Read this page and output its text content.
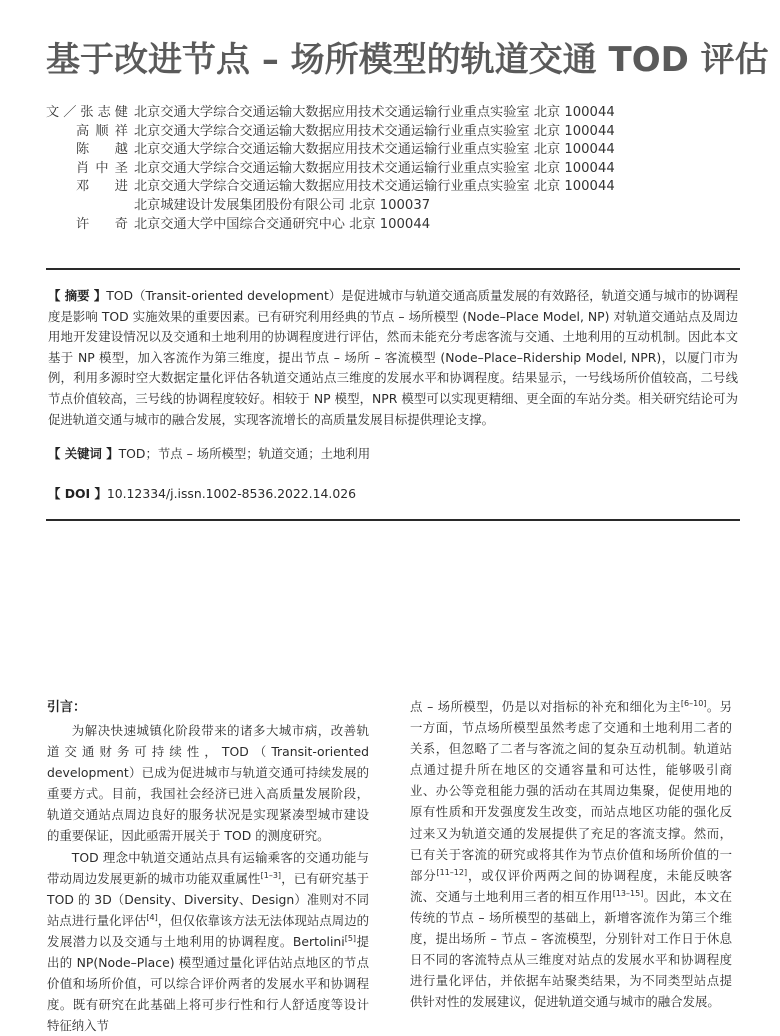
基于改进节点 – 场所模型的轨道交通 TOD 评估
文／张志健 北京交通大学综合交通运输大数据应用技术交通运输行业重点实验室 北京 100044
高顺祥 北京交通大学综合交通运输大数据应用技术交通运输行业重点实验室 北京 100044
陈　越 北京交通大学综合交通运输大数据应用技术交通运输行业重点实验室 北京 100044
肖中圣 北京交通大学综合交通运输大数据应用技术交通运输行业重点实验室 北京 100044
邓　进 北京交通大学综合交通运输大数据应用技术交通运输行业重点实验室 北京 100044
北京城建设计发展集团股份有限公司 北京 100037
许　奇 北京交通大学中国综合交通研究中心 北京 100044
【 摘要 】TOD（Transit-oriented development）是促进城市与轨道交通高质量发展的有效路径，轨道交通与城市的协调程度是影响 TOD 实施效果的重要因素。已有研究利用经典的节点 – 场所模型 (Node–Place Model, NP) 对轨道交通站点及周边用地开发建设情况以及交通和土地利用的协调程度进行评估，然而未能充分考虑客流与交通、土地利用的互动机制。因此本文基于 NP 模型，加入客流作为第三维度，提出节点 – 场所 – 客流模型 (Node–Place–Ridership Model, NPR)，以厦门市为例，利用多源时空大数据定量化评估各轨道交通站点三维度的发展水平和协调程度。结果显示，一号线场所价值较高，二号线节点价值较高，三号线的协调程度较好。相较于 NP 模型，NPR 模型可以实现更精细、更全面的车站分类。相关研究结论可为促进轨道交通与城市的融合发展，实现客流增长的高质量发展目标提供理论支撑。
【 关键词 】TOD；节点 – 场所模型；轨道交通；土地利用
【 DOI 】10.12334/j.issn.1002-8536.2022.14.026
引言：

为解决快速城镇化阶段带来的诸多大城市病，改善轨道交通财务可持续性，TOD（Transit-oriented development）已成为促进城市与轨道交通可持续发展的重要方式。目前，我国社会经济已进入高质量发展阶段，轨道交通站点周边良好的服务状况是实现紧凑型城市建设的重要保证，因此亟需开展关于 TOD 的测度研究。

TOD 理念中轨道交通站点具有运输乘客的交通功能与带动周边发展更新的城市功能双重属性[1–3]，已有研究基于 TOD 的 3D（Density、Diversity、Design）准则对不同站点进行量化评估[4]，但仅依靠该方法无法体现站点周边的发展潜力以及交通与土地利用的协调程度。Bertolini[5]提出的 NP(Node–Place) 模型通过量化评估站点地区的节点价值和场所价值，可以综合评价两者的发展水平和协调程度。既有研究在此基础上将可步行性和行人舒适度等设计特征纳入节

点 – 场所模型，仍是以对指标的补充和细化为主[6–10]。另一方面，节点场所模型虽然考虑了交通和土地利用二者的关系，但忽略了二者与客流之间的复杂互动机制。轨道站点通过提升所在地区的交通容量和可达性，能够吸引商业、办公等竞租能力强的活动在其周边集聚，促使用地的原有性质和开发强度发生改变，而站点地区功能的强化反过来又为轨道交通的发展提供了充足的客流支撑。然而，已有关于客流的研究或将其作为节点价值和场所价值的一部分[11–12]，或仅评价两两之间的协调程度，未能反映客流、交通与土地利用三者的相互作用[13–15]。因此，本文在传统的节点 – 场所模型的基础上，新增客流作为第三个维度，提出场所 – 节点 – 客流模型，分别针对工作日于休息日不同的客流特点从三维度对站点的发展水平和协调程度进行量化评估，并依据车站聚类结果，为不同类型站点提供针对性的发展建议，促进轨道交通与城市的融合发展。
